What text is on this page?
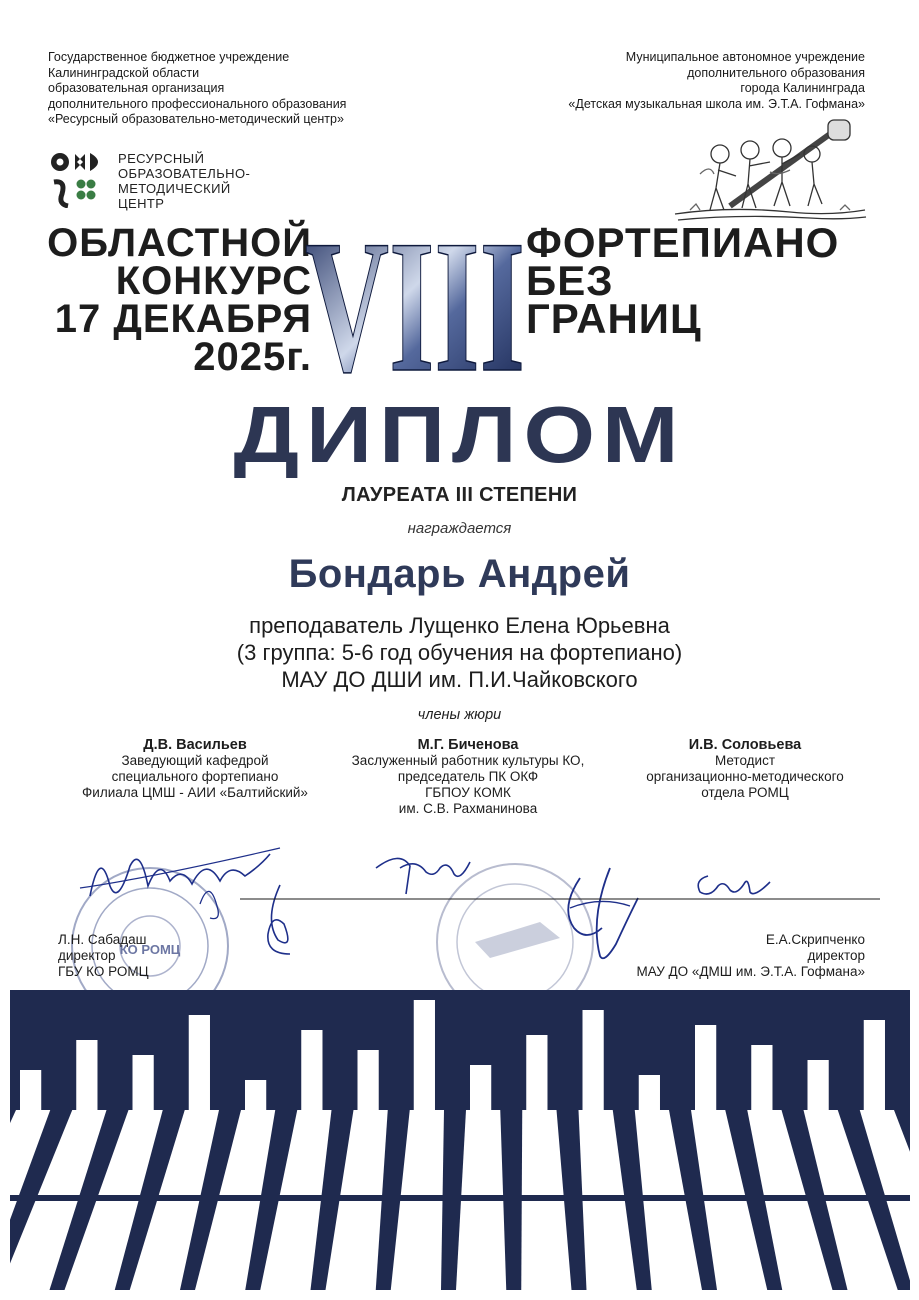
Государственное бюджетное учреждение
Калининградской области
образовательная организация
дополнительного профессионального образования
«Ресурсный образовательно-методический центр»
Муниципальное автономное учреждение
дополнительного образования
города Калининграда
«Детская музыкальная школа им. Э.Т.А. Гофмана»
РЕСУРСНЫЙ
ОБРАЗОВАТЕЛЬНО-
МЕТОДИЧЕСКИЙ
ЦЕНТР
ОБЛАСТНОЙ
КОНКУРС
17 ДЕКАБРЯ
2025г.
VIII ФОРТЕПИАНО
БЕЗ
ГРАНИЦ
ДИПЛОМ
ЛАУРЕАТА III СТЕПЕНИ
награждается
Бондарь Андрей
преподаватель Лущенко Елена Юрьевна
(3 группа: 5-6 год обучения на фортепиано)
МАУ ДО ДШИ им. П.И.Чайковского
члены жюри
Д.В. Васильев
Заведующий кафедрой
специального фортепиано
Филиала ЦМШ - АИИ «Балтийский»
М.Г. Биченова
Заслуженный работник культуры КО,
председатель ПК ОКФ
ГБПОУ КОМК
им. С.В. Рахманинова
И.В. Соловьева
Методист
организационно-методического
отдела РОМЦ
КО РОМЦ
Л.Н. Сабадаш
директор
ГБУ КО РОМЦ
Е.А.Скрипченко
директор
МАУ ДО «ДМШ им. Э.Т.А. Гофмана»
